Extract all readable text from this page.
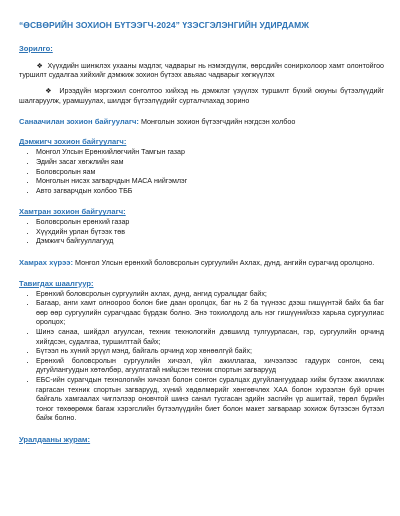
“ӨСВӨРИЙН ЗОХИОН БҮТЭЭГЧ-2024” ҮЗЭСГЭЛЭНГИЙН УДИРДАМЖ
Зорилго:

❖ Хүүхдийн шинжлэх ухааны мэдлэг, чадварыг нь нэмэгдүүлж, өөрсдийн сонирхолоор хамт олонтойгоо туршилт судалгаа хийхийг дэмжиж зохион бүтээх авьяас чадварыг хөгжүүлэх

❖ Ирээдүйн мэргэжил сонголтоо хийхэд нь дэмжлэг үзүүлэх туршилт бүхий оюуны бүтээлүүдийг шалгаруулж, урамшуулах, шилдэг бүтээлүүдийг сурталчлахад зорино

Санаачилан зохион байгуулагч: Монголын зохион бүтээгчдийн нэгдсэн холбоо

Дэмжигч зохион байгуулагч:
• Монгол Улсын Ерөнхийлөгчийн Тамгын газар
• Эдийн засаг хөгжлийн яам
• Боловсролын яам
• Монголын нисэх загварчдын МАСА нийгэмлэг
• Авто загварчдын холбоо ТББ
Хамтран зохион байгуулагч:
• Боловсролын ерөнхий газар
• Хүүхдийн урлан бүтээх төв
• Дэмжигч байгууллагууд

Хамрах хүрээ: Монгол Улсын ерөнхий боловсролын сургуулийн Ахлах, дунд, ангийн сурагчид оролцоно.

Тавигдах шаалгуур:
• Ерөнхий боловсролын сургуулийн ахлах, дунд, ангид суралцдаг байх;
• Багаар, анги хамт олноороо болон бие даан оролцох, баг нь 2 ба түүнээс дээш гишүүнтэй байх ба баг өөр өөр сургуулийн сурагчдаас бүрдэж болно. Энэ тохиолдолд аль нэг гишүүнийхээ харьяа сургуулиас оролцох;
• Шинэ санаа, шийдэл агуулсан, техник технологийн дэвшилд тулгуурласан, гэр, сургуулийн орчинд хийгдсэн, судалгаа, туршилттай байх;
• Бүтээл нь хүний эрүүл мэнд, байгаль орчинд хор хөнөөлгүй байх;
• Ерөнхий боловсролын сургуулийн хичээл, үйл ажиллагаа, хичээлээс гадуурх сонгон, секц дугуйлангуудын хөтөлбөр, агуулгатай нийцсэн техник спортын загварууд
• ЕБС-ийн сурагчдын технологийн хичээл болон сонгон суралцах дугуйлангуудаар хийж бүтээж ажиллаж гаргасан техник спортын загварууд, хүний хөдөлмөрийг хөнгөвчлөх ХАА болон хүрээлэн буй орчин байгаль хамгаалах чиглэлээр оновчтой шинэ санал тусгасан эдийн засгийн үр ашигтай, төрөл бүрийн тоног төхөөрөмж багаж хэрэгслийн бүтээлүүдийн биет болон макет загвараар зохиож бүтээсэн бүтээл байж болно.
Уралдааны журам:
